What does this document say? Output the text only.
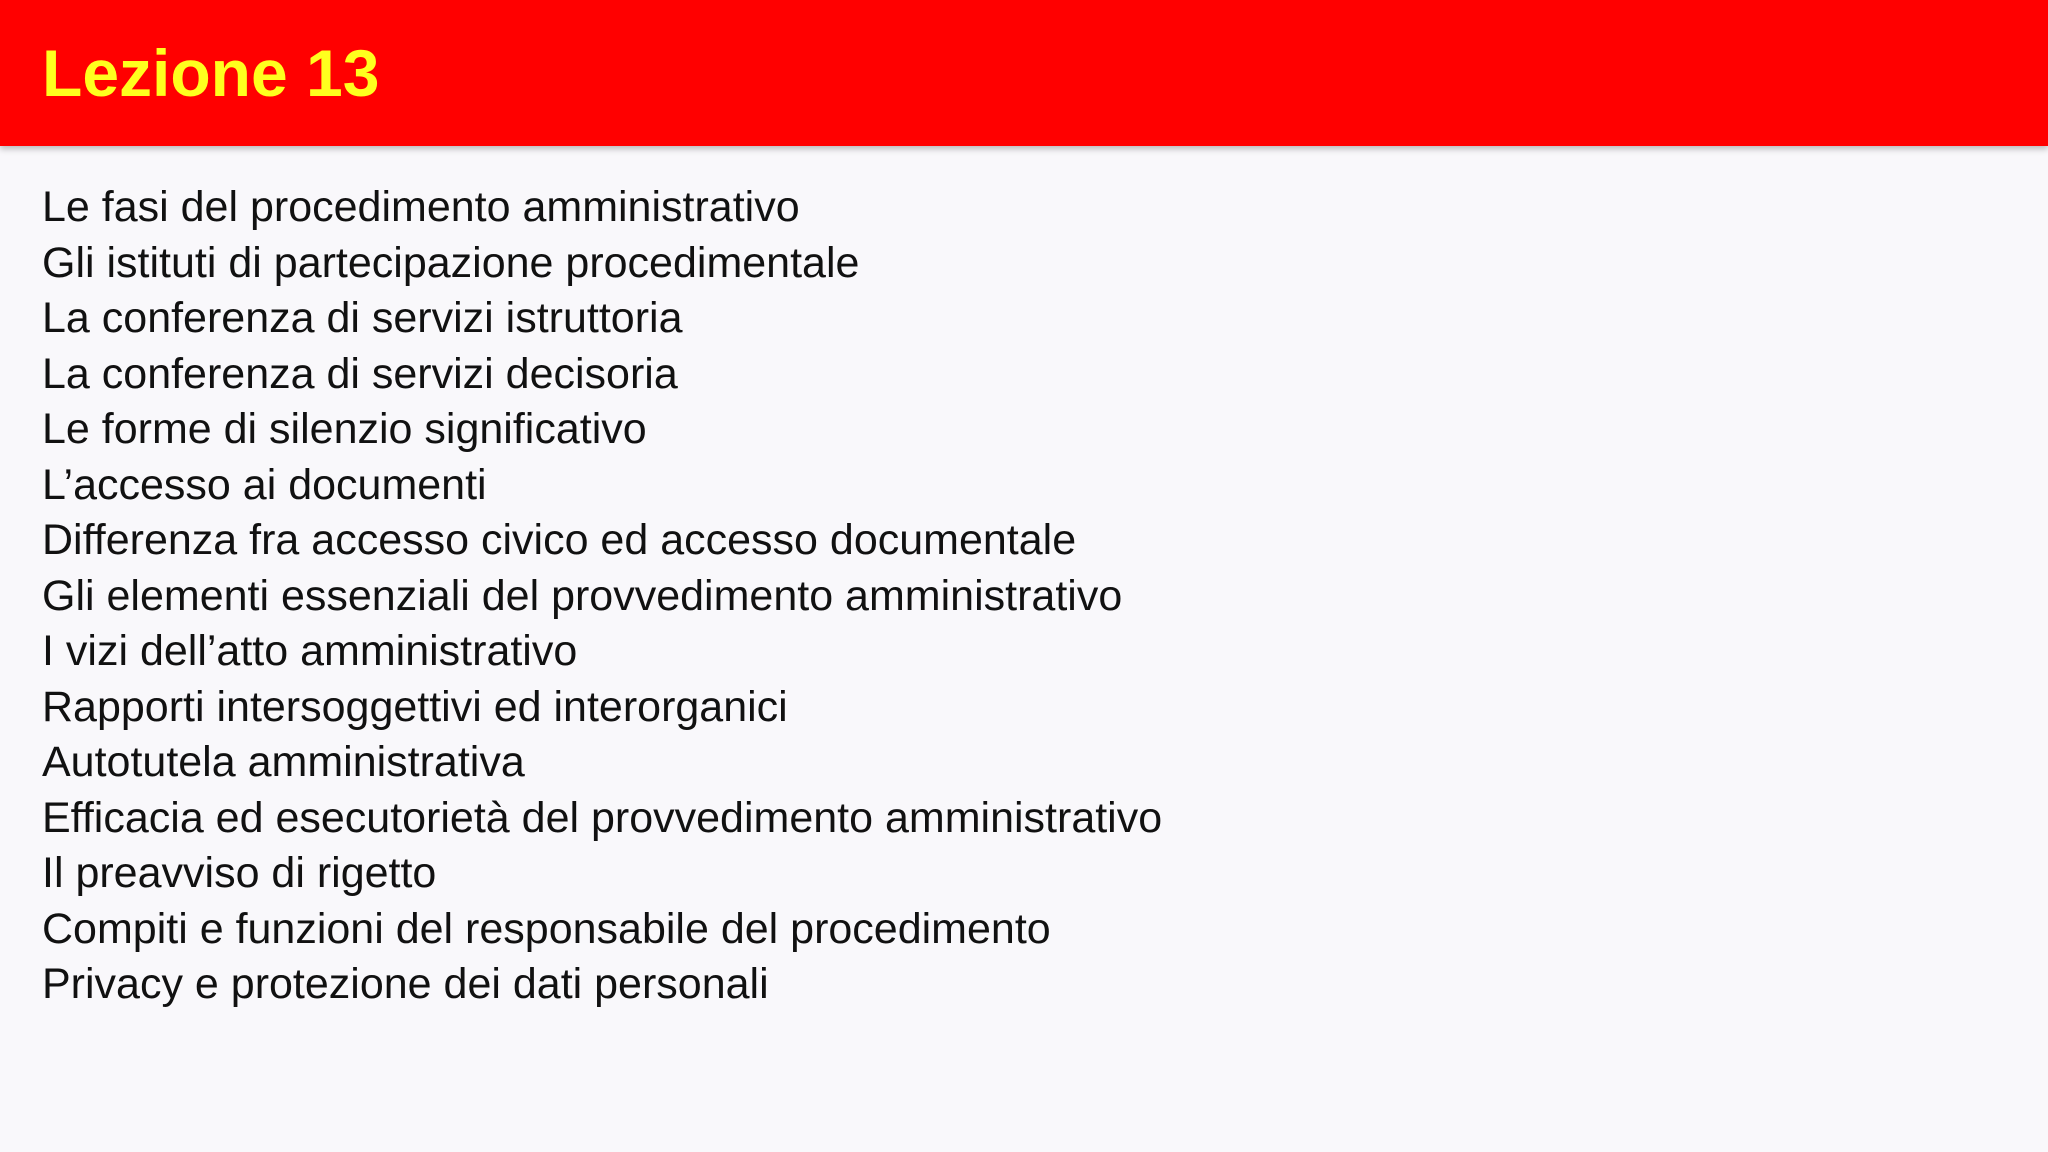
Lezione 13
Le fasi del procedimento amministrativo
Gli istituti di partecipazione procedimentale
La conferenza di servizi istruttoria
La conferenza di servizi decisoria
Le forme di silenzio significativo
L’accesso ai documenti
Differenza fra accesso civico ed accesso documentale
Gli elementi essenziali del provvedimento amministrativo
I vizi dell’atto amministrativo
Rapporti intersoggettivi ed interorganici
Autotutela amministrativa
Efficacia ed esecutorietà del provvedimento amministrativo
Il preavviso di rigetto
Compiti e funzioni del responsabile del procedimento
Privacy e protezione dei dati personali
